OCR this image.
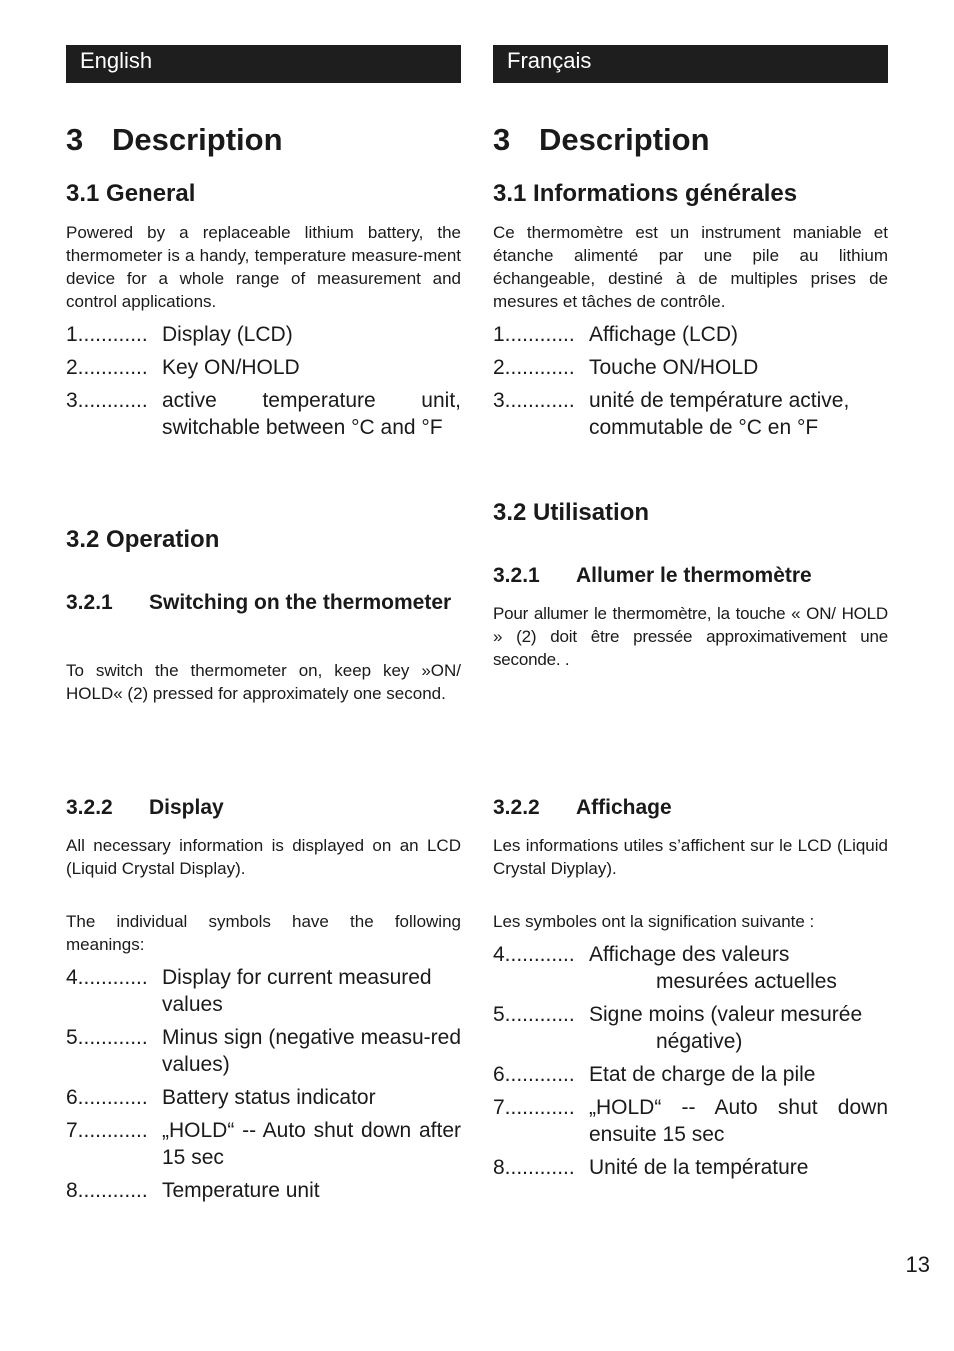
English
3 Description
3.1 General
Powered by a replaceable lithium battery, the thermometer is a handy, temperature measure-ment device for a whole range of measurement and control applications.
1............ Display (LCD)
2............ Key ON/HOLD
3............ active temperature unit, switchable between °C and °F
3.2 Operation
3.2.1	Switching on the thermometer
To switch the thermometer on, keep key »ON/ HOLD« (2) pressed for approximately one second.
3.2.2	Display
All necessary information is displayed on an LCD (Liquid Crystal Display).
The individual symbols have the following meanings:
4............ Display for current measured values
5............ Minus sign (negative measu-red      values)
6............ Battery status indicator
7............ „HOLD“ -- Auto shut down after 15 sec
8............ Temperature unit
Français
3 Description
3.1 Informations générales
Ce thermomètre est un instrument maniable et étanche alimenté par une pile au lithium échangeable, destiné à de multiples prises de mesures et tâches de contrôle.
1............ Affichage (LCD)
2............ Touche ON/HOLD
3............ unité de température active, commutable de °C en °F
3.2 Utilisation
3.2.1	Allumer le thermomètre
Pour allumer le thermomètre, la touche « ON/ HOLD » (2) doit être pressée approximativement une seconde. .
3.2.2	Affichage
Les informations utiles s’affichent sur le LCD (Liquid Crystal Diyplay).
Les symboles ont la signification suivante :
4............ Affichage des valeurs
mesurées actuelles
5............ Signe moins (valeur mesurée
négative)
6............ Etat de charge de la pile
7............ „HOLD“ -- Auto shut down ensuite 15 sec
8............ Unité de la température
13
